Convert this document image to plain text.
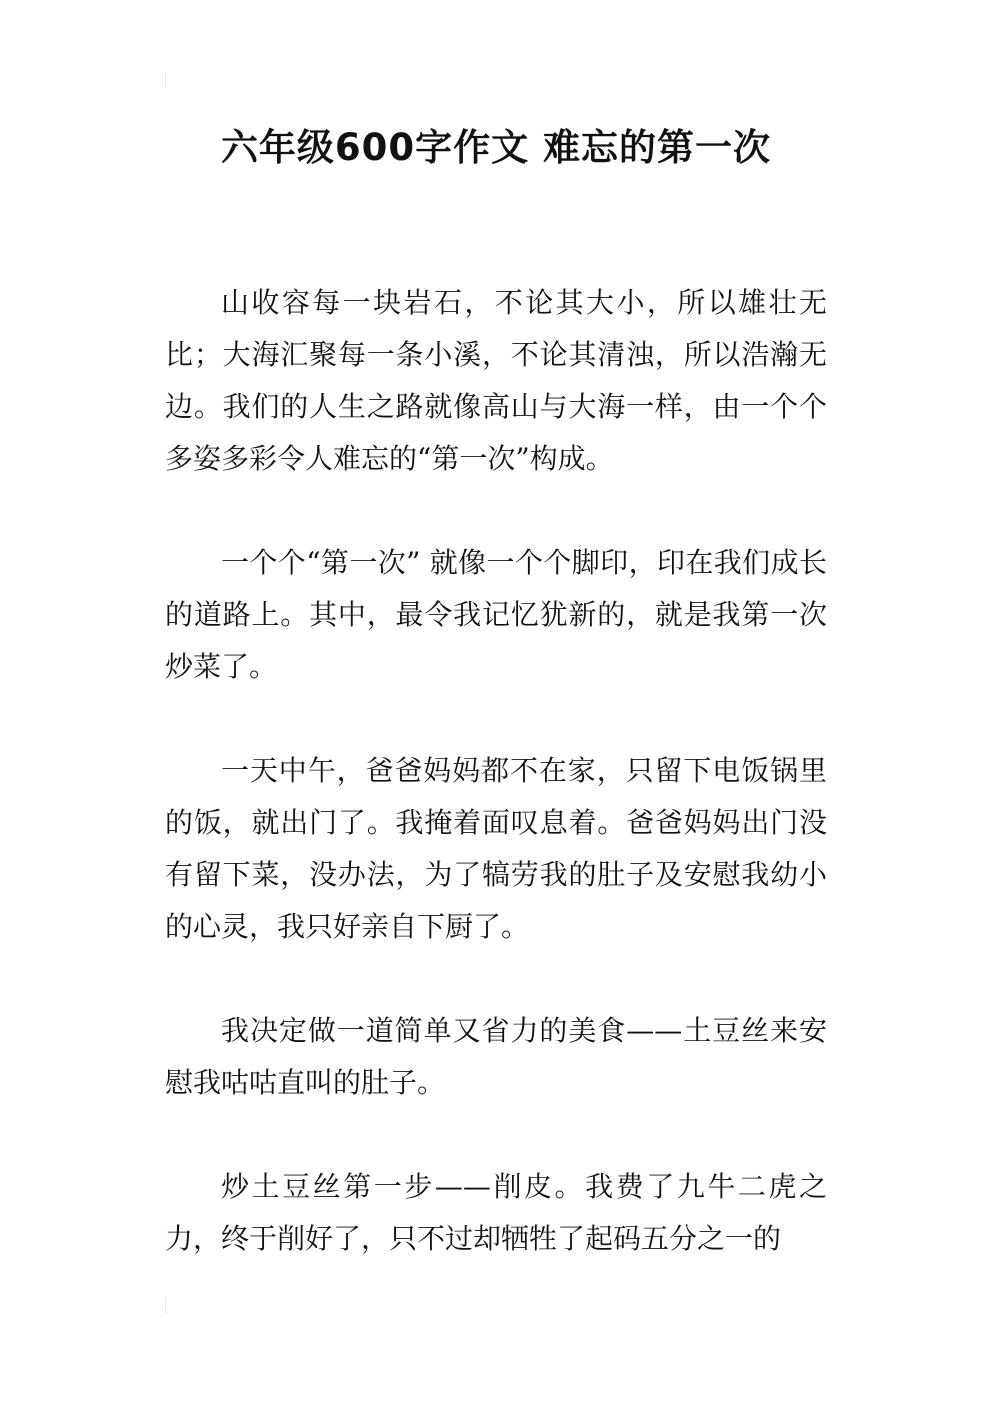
六年级600字作文 难忘的第一次

山收容每一块岩石，不论其大小，所以雄壮无比；大海汇聚每一条小溪，不论其清浊，所以浩瀚无边。我们的人生之路就像高山与大海一样，由一个个多姿多彩令人难忘的“第一次”构成。

一个个“第一次” 就像一个个脚印，印在我们成长的道路上。其中，最令我记忆犹新的，就是我第一次炒菜了。

一天中午，爸爸妈妈都不在家，只留下电饭锅里的饭，就出门了。我掩着面叹息着。爸爸妈妈出门没有留下菜，没办法，为了犒劳我的肚子及安慰我幼小的心灵，我只好亲自下厨了。

我决定做一道简单又省力的美食——土豆丝来安慰我咕咕直叫的肚子。

炒土豆丝第一步——削皮。我费了九牛二虎之力，终于削好了，只不过却牺牲了起码五分之一的
